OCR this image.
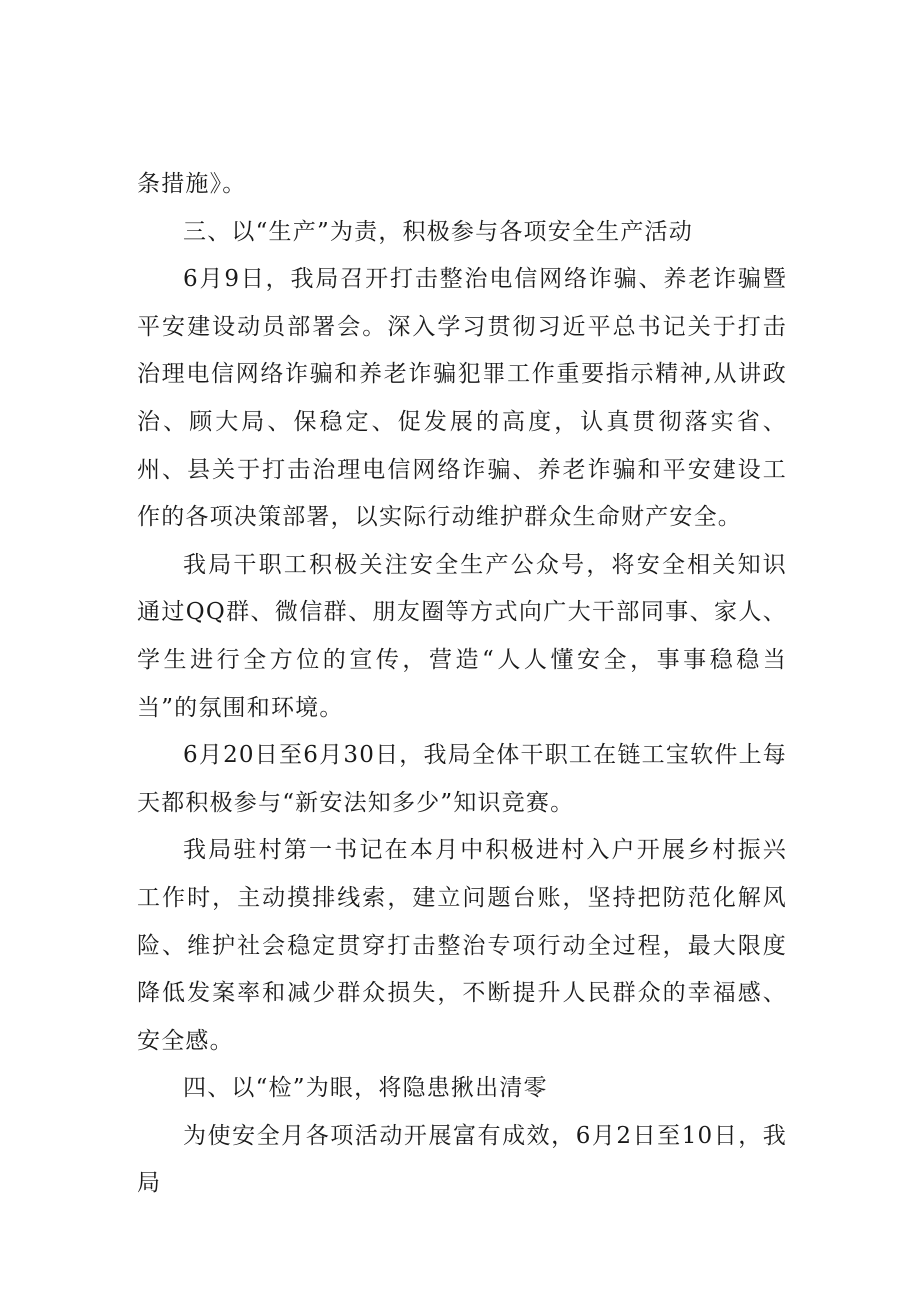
条措施》。

三、以“生产”为责，积极参与各项安全生产活动

6月9日，我局召开打击整治电信网络诈骗、养老诈骗暨平安建设动员部署会。深入学习贯彻习近平总书记关于打击治理电信网络诈骗和养老诈骗犯罪工作重要指示精神,从讲政治、顾大局、保稳定、促发展的高度，认真贯彻落实省、州、县关于打击治理电信网络诈骗、养老诈骗和平安建设工作的各项决策部署，以实际行动维护群众生命财产安全。

我局干职工积极关注安全生产公众号，将安全相关知识通过QQ群、微信群、朋友圈等方式向广大干部同事、家人、学生进行全方位的宣传，营造“人人懂安全，事事稳稳当当”的氛围和环境。

6月20日至6月30日，我局全体干职工在链工宝软件上每天都积极参与“新安法知多少”知识竞赛。

我局驻村第一书记在本月中积极进村入户开展乡村振兴工作时，主动摸排线索，建立问题台账，坚持把防范化解风险、维护社会稳定贯穿打击整治专项行动全过程，最大限度降低发案率和减少群众损失，不断提升人民群众的幸福感、安全感。

四、以“检”为眼，将隐患揪出清零

为使安全月各项活动开展富有成效，6月2日至10日，我局
